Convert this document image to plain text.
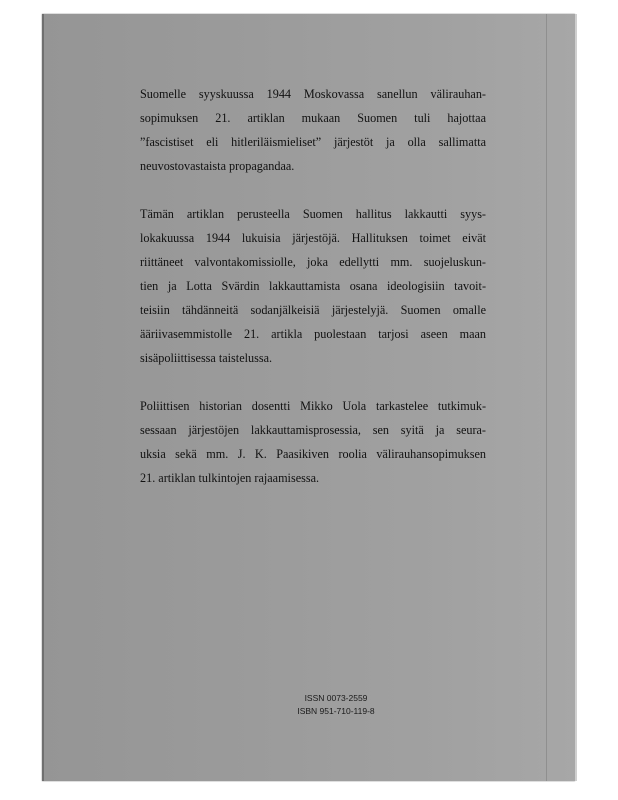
Suomelle syyskuussa 1944 Moskovassa sanellun välirauhan-
sopimuksen 21. artiklan mukaan Suomen tuli hajottaa
”fascistiset eli hitleriläismieliset” järjestöt ja olla sallimatta
neuvostovastaista propagandaa.

Tämän artiklan perusteella Suomen hallitus lakkautti syys-
lokakuussa 1944 lukuisia järjestöjä. Hallituksen toimet eivät
riittäneet valvontakomissiolle, joka edellytti mm. suojeluskun-
tien ja Lotta Svärdin lakkauttamista osana ideologisiin tavoit-
teisiin tähdänneitä sodanjälkeisiä järjestelyjä. Suomen omalle
ääriivasemmistolle 21. artikla puolestaan tarjosi aseen maan
sisäpoliittisessa taistelussa.

Poliittisen historian dosentti Mikko Uola tarkastelee tutkimuk-
sessaan järjestöjen lakkauttamisprosessia, sen syitä ja seura-
uksia sekä mm. J. K. Paasikiven roolia välirauhansopimuksen
21. artiklan tulkintojen rajaamisessa.

ISSN 0073-2559
ISBN 951-710-119-8
